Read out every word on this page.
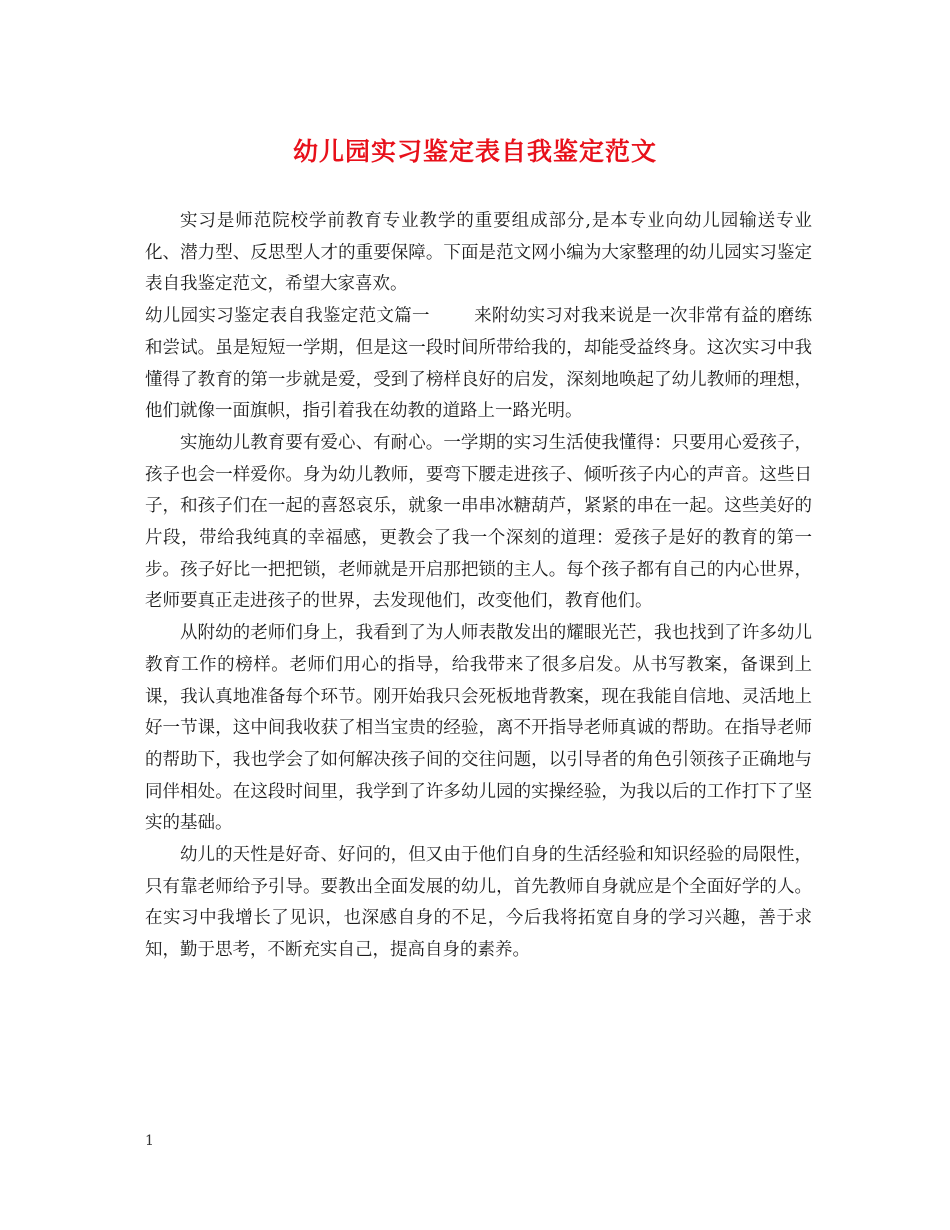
幼儿园实习鉴定表自我鉴定范文

实习是师范院校学前教育专业教学的重要组成部分,是本专业向幼儿园输送专业化、潜力型、反思型人才的重要保障。下面是范文网小编为大家整理的幼儿园实习鉴定表自我鉴定范文，希望大家喜欢。

幼儿园实习鉴定表自我鉴定范文篇一	来附幼实习对我来说是一次非常有益的磨练和尝试。虽是短短一学期，但是这一段时间所带给我的，却能受益终身。这次实习中我懂得了教育的第一步就是爱，受到了榜样良好的启发，深刻地唤起了幼儿教师的理想，他们就像一面旗帜，指引着我在幼教的道路上一路光明。

实施幼儿教育要有爱心、有耐心。一学期的实习生活使我懂得：只要用心爱孩子，孩子也会一样爱你。身为幼儿教师，要弯下腰走进孩子、倾听孩子内心的声音。这些日子，和孩子们在一起的喜怒哀乐，就象一串串冰糖葫芦，紧紧的串在一起。这些美好的片段，带给我纯真的幸福感，更教会了我一个深刻的道理：爱孩子是好的教育的第一步。孩子好比一把把锁，老师就是开启那把锁的主人。每个孩子都有自己的内心世界，老师要真正走进孩子的世界，去发现他们，改变他们，教育他们。

从附幼的老师们身上，我看到了为人师表散发出的耀眼光芒，我也找到了许多幼儿教育工作的榜样。老师们用心的指导，给我带来了很多启发。从书写教案，备课到上课，我认真地准备每个环节。刚开始我只会死板地背教案，现在我能自信地、灵活地上好一节课，这中间我收获了相当宝贵的经验，离不开指导老师真诚的帮助。在指导老师的帮助下，我也学会了如何解决孩子间的交往问题，以引导者的角色引领孩子正确地与同伴相处。在这段时间里，我学到了许多幼儿园的实操经验，为我以后的工作打下了坚实的基础。

幼儿的天性是好奇、好问的，但又由于他们自身的生活经验和知识经验的局限性，只有靠老师给予引导。要教出全面发展的幼儿，首先教师自身就应是个全面好学的人。在实习中我增长了见识，也深感自身的不足，今后我将拓宽自身的学习兴趣，善于求知，勤于思考，不断充实自己，提高自身的素养。

1
